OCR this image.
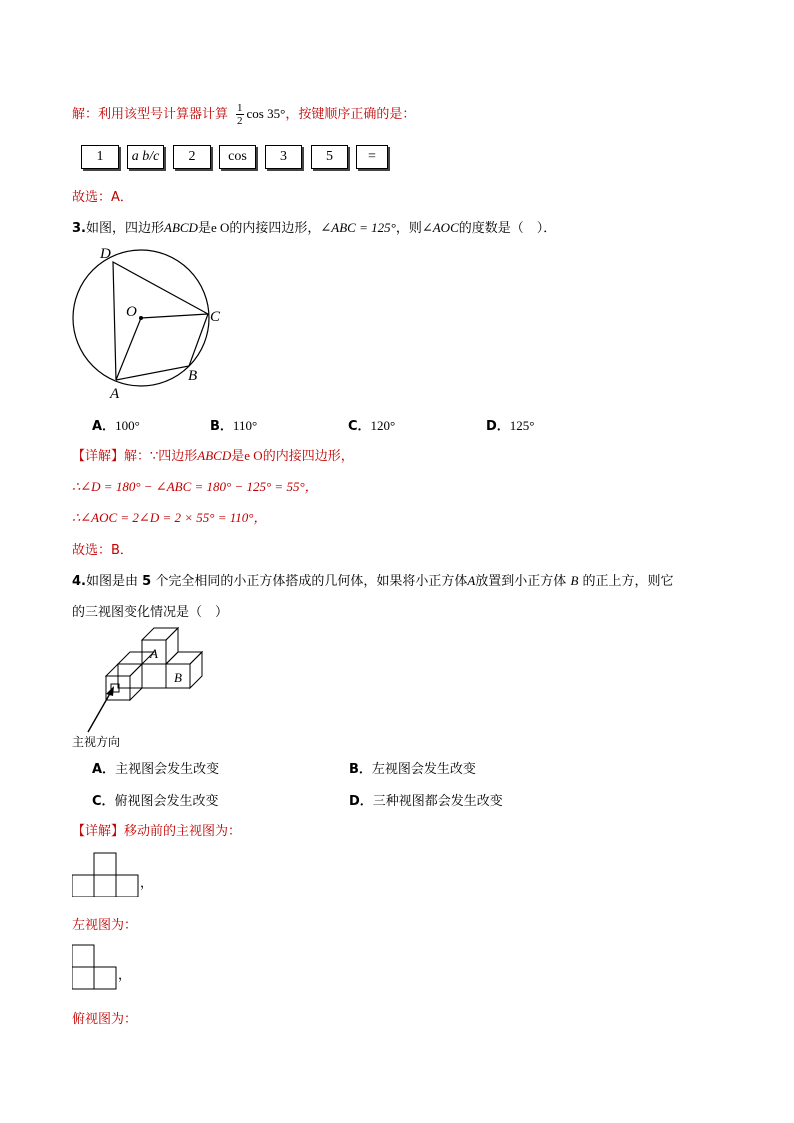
解：利用该型号计算器计算 $\frac{1}{2}$ cos 35°，按键顺序正确的是：
1	a b/c	2	cos	3	5	=
故选：A．
3.如图，四边形ABCD是e O的内接四边形，∠ABC = 125°，则∠AOC的度数是（　）．
D
O	C
A
B
A．100°	B．110°	C．120°	D．125°
【详解】解：∵四边形ABCD是e O的内接四边形，
∴∠D = 180° − ∠ABC = 180° − 125° = 55°，
∴∠AOC = 2∠D = 2 × 55° = 110°，
故选：B．
4.如图是由 5 个完全相同的小正方体搭成的几何体，如果将小正方体A放置到小正方体 B 的正上方，则它
的三视图变化情况是（　）
A
B
主视方向
A．主视图会发生改变	B．左视图会发生改变
C．俯视图会发生改变	D．三种视图都会发生改变
【详解】移动前的主视图为：
，
左视图为：
，
俯视图为：
